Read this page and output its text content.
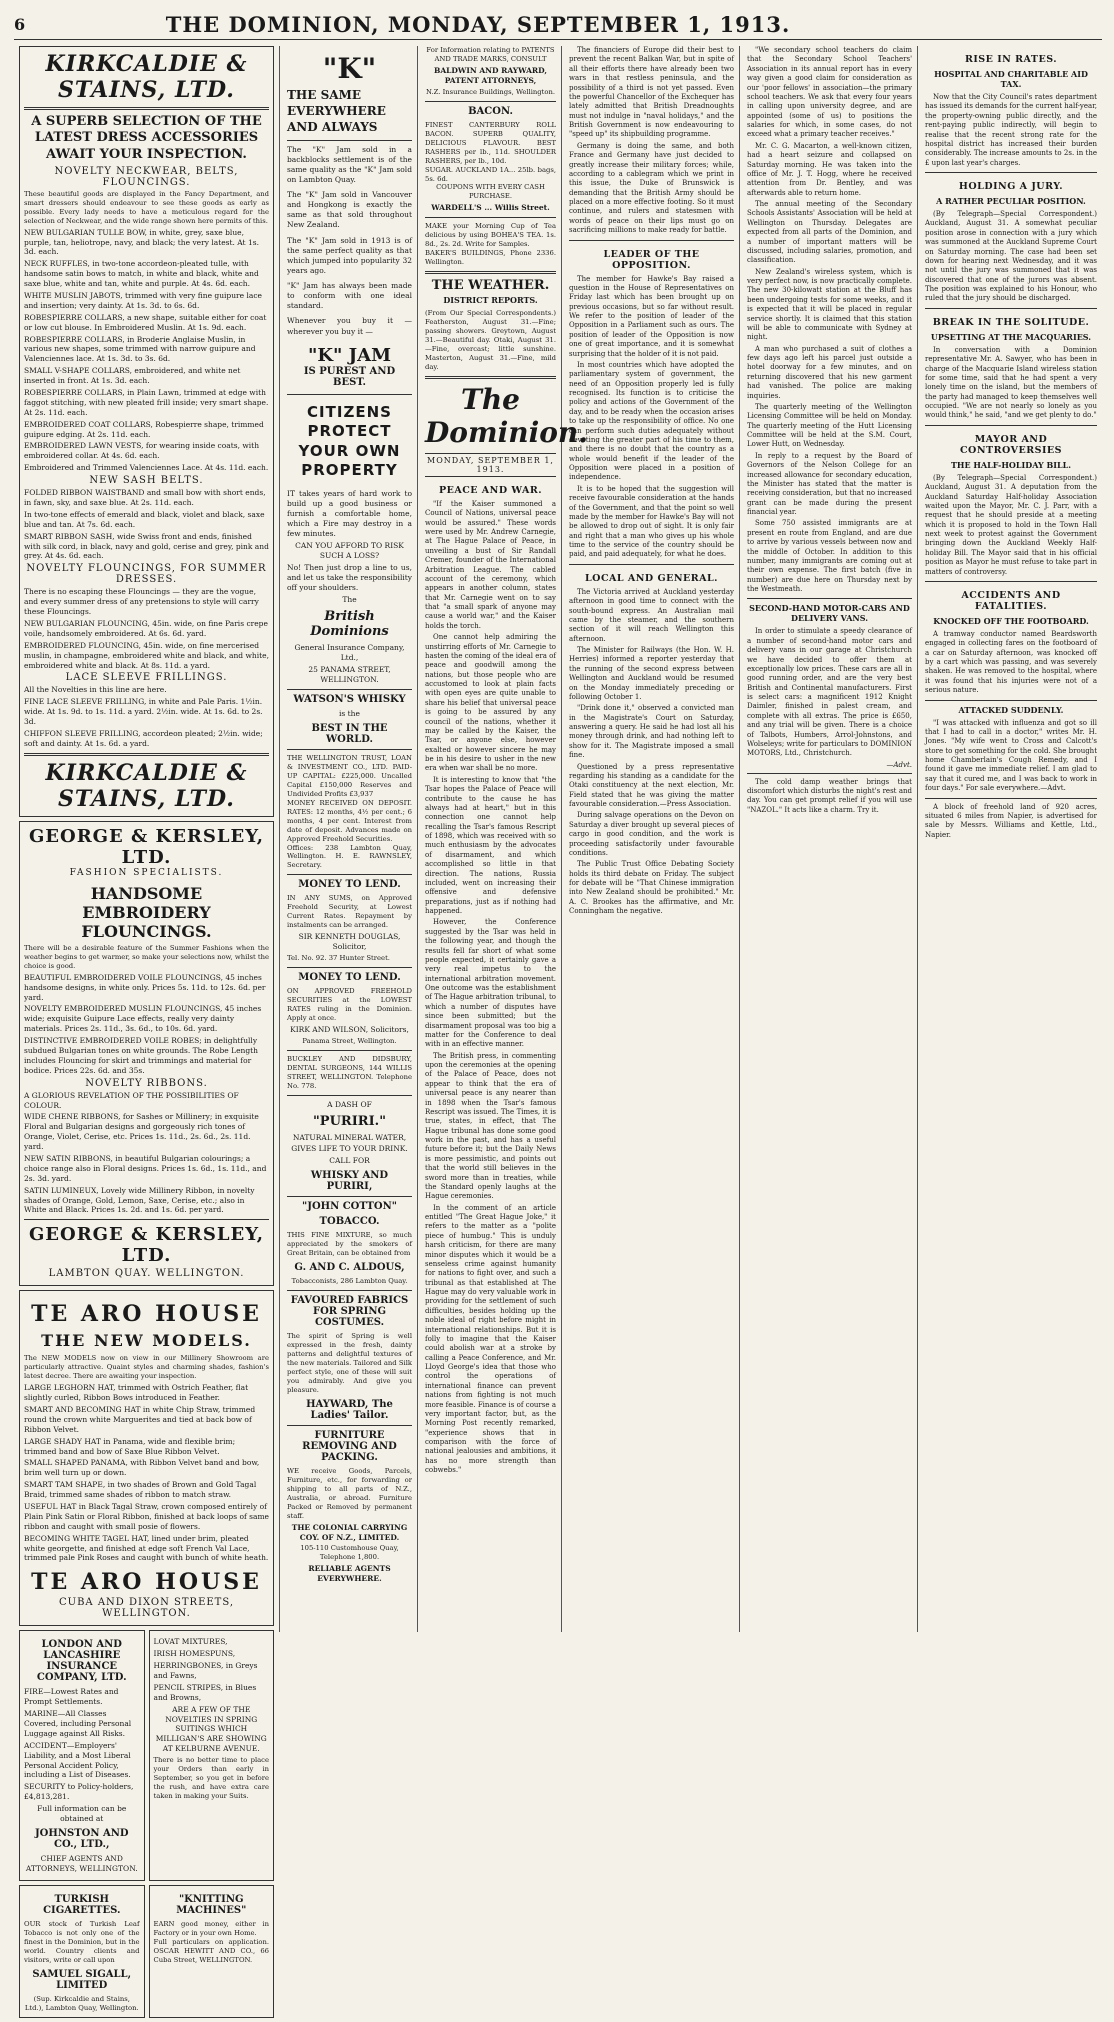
6	THE DOMINION, MONDAY, SEPTEMBER 1, 1913.
KIRKCALDIE & STAINS, LTD.
A SUPERB SELECTION OF THE LATEST DRESS ACCESSORIES AWAIT YOUR INSPECTION.
NOVELTY NECKWEAR, BELTS, FLOUNCINGS.
These beautiful goods are displayed in the Fancy Department, and smart dressers should endeavour to see these goods as early as possible. Every lady needs to have a meticulous regard for the selection of Neckwear, and the wide range shown here permits of this.
NEW BULGARIAN TULLE BOW, in white, grey, saxe blue, purple, tan, heliotrope, navy, and black; the very latest. At 1s. 3d. each.
NECK RUFFLES, in two-tone accordeon-pleated tulle, with handsome satin bows to match, in white and black, white and saxe blue, white and tan, white and purple. At 4s. 6d. each.
WHITE MUSLIN JABOTS, trimmed with very fine guipure lace and insertion; very dainty. At 1s. 3d. to 6s. 6d.
ROBESPIERRE COLLARS, a new shape, suitable either for coat or low cut blouse. In Embroidered Muslin. At 1s. 9d. each.
ROBESPIERRE COLLARS, in Broderie Anglaise Muslin, in various new shapes, some trimmed with narrow guipure and Valenciennes lace. At 1s. 3d. to 3s. 6d.
SMALL V-SHAPE COLLARS, embroidered, and white net inserted in front. At 1s. 3d. each.
ROBESPIERRE COLLARS, in Plain Lawn, trimmed at edge with faggot stitching, with new pleated frill inside; very smart shape. At 2s. 11d. each.
EMBROIDERED COAT COLLARS, Robespierre shape, trimmed guipure edging. At 2s. 11d. each.
EMBROIDERED LAWN VESTS, for wearing inside coats, with embroidered collar. At 4s. 6d. each.
Embroidered and Trimmed Valenciennes Lace. At 4s. 11d. each.
NEW SASH BELTS.
FOLDED RIBBON WAISTBAND and small bow with short ends, in fawn, sky, and saxe blue. At 2s. 11d. each.
In two-tone effects of emerald and black, violet and black, saxe blue and tan. At 7s. 6d. each.
SMART RIBBON SASH, wide Swiss front and ends, finished with silk cord, in black, navy and gold, cerise and grey, pink and grey. At 4s. 6d. each.
NOVELTY FLOUNCINGS, FOR SUMMER DRESSES.
There is no escaping these Flouncings — they are the vogue, and every summer dress of any pretensions to style will carry these Flouncings.
NEW BULGARIAN FLOUNCING, 45in. wide, on fine Paris crepe voile, handsomely embroidered. At 6s. 6d. yard.
EMBROIDERED FLOUNCING, 45in. wide, on fine mercerised muslin, in champagne, embroidered white and black, and white, embroidered white and black. At 8s. 11d. a yard.
LACE SLEEVE FRILLINGS.
All the Novelties in this line are here.
FINE LACE SLEEVE FRILLING, in white and Pale Paris. 1½in. wide. At 1s. 9d. to 1s. 11d. a yard. 2½in. wide. At 1s. 6d. to 2s. 3d.
CHIFFON SLEEVE FRILLING, accordeon pleated; 2½in. wide; soft and dainty. At 1s. 6d. a yard.
KIRKCALDIE & STAINS, LTD.
GEORGE & KERSLEY, LTD.
FASHION SPECIALISTS.
HANDSOME EMBROIDERY FLOUNCINGS.
There will be a desirable feature of the Summer Fashions when the weather begins to get warmer, so make your selections now, whilst the choice is good.
BEAUTIFUL EMBROIDERED VOILE FLOUNCINGS, 45 inches handsome designs, in white only. Prices 5s. 11d. to 12s. 6d. per yard.
NOVELTY EMBROIDERED MUSLIN FLOUNCINGS, 45 inches wide; exquisite Guipure Lace effects, really very dainty materials. Prices 2s. 11d., 3s. 6d., to 10s. 6d. yard.
DISTINCTIVE EMBROIDERED VOILE ROBES; in delightfully subdued Bulgarian tones on white grounds. The Robe Length includes Flouncing for skirt and trimmings and material for bodice. Prices 22s. 6d. and 35s.
NOVELTY RIBBONS.
A GLORIOUS REVELATION OF THE POSSIBILITIES OF COLOUR.
WIDE CHENE RIBBONS, for Sashes or Millinery; in exquisite Floral and Bulgarian designs and gorgeously rich tones of Orange, Violet, Cerise, etc. Prices 1s. 11d., 2s. 6d., 2s. 11d. yard.
NEW SATIN RIBBONS, in beautiful Bulgarian colourings; a choice range also in Floral designs. Prices 1s. 6d., 1s. 11d., and 2s. 3d. yard.
SATIN LUMINEUX, Lovely wide Millinery Ribbon, in novelty shades of Orange, Gold, Lemon, Saxe, Cerise, etc.; also in White and Black. Prices 1s. 2d. and 1s. 6d. per yard.
GEORGE & KERSLEY, LTD.
LAMBTON QUAY. WELLINGTON.
TE ARO HOUSE
THE NEW MODELS.
The NEW MODELS now on view in our Millinery Showroom are particularly attractive. Quaint styles and charming shades, fashion's latest decree. There are awaiting your inspection.
LARGE LEGHORN HAT, trimmed with Ostrich Feather, flat slightly curled, Ribbon Bows introduced in Feather.
SMART AND BECOMING HAT in white Chip Straw, trimmed round the crown white Marguerites and tied at back bow of Ribbon Velvet.
LARGE SHADY HAT in Panama, wide and flexible brim; trimmed band and bow of Saxe Blue Ribbon Velvet.
SMALL SHAPED PANAMA, with Ribbon Velvet band and bow, brim well turn up or down.
SMART TAM SHAPE, in two shades of Brown and Gold Tagal Braid, trimmed same shades of ribbon to match straw.
USEFUL HAT in Black Tagal Straw, crown composed entirely of Plain Pink Satin or Floral Ribbon, finished at back loops of same ribbon and caught with small posie of flowers.
BECOMING WHITE TAGEL HAT, lined under brim, pleated white georgette, and finished at edge soft French Val Lace, trimmed pale Pink Roses and caught with bunch of white heath.
TE ARO HOUSE
CUBA AND DIXON STREETS, WELLINGTON.
LONDON AND LANCASHIRE INSURANCE COMPANY, LTD.
FIRE—Lowest Rates and Prompt Settlements.
MARINE—All Classes Covered, including Personal Luggage against All Risks.
ACCIDENT—Employers' Liability, and a Most Liberal Personal Accident Policy, including a List of Diseases.
SECURITY to Policy-holders, £4,813,281.
Full information can be obtained at
JOHNSTON AND CO., LTD.,
CHIEF AGENTS AND ATTORNEYS, WELLINGTON.
LOVAT MIXTURES,
IRISH HOMESPUNS,
HERRINGBONES, in Greys and Fawns,
PENCIL STRIPES, in Blues and Browns,
ARE A FEW OF THE NOVELTIES IN SPRING SUITINGS WHICH MILLIGAN'S ARE SHOWING AT KELBURNE AVENUE.
There is no better time to place your Orders than early in September, so you get in before the rush, and have extra care taken in making your Suits.
TURKISH CIGARETTES.
OUR stock of Turkish Leaf Tobacco is not only one of the finest in the Dominion, but in the world. Country clients and visitors, write or call upon
SAMUEL SIGALL, LIMITED
(Sup. Kirkcaldie and Stains, Ltd.), Lambton Quay, Wellington.
"KNITTING MACHINES"
EARN good money, either in Factory or in your own Home.
Full particulars on application. OSCAR HEWITT AND CO., 66 Cuba Street, WELLINGTON.
"K"
THE SAME
EVERYWHERE
AND ALWAYS
The "K" Jam sold in a backblocks settlement is of the same quality as the "K" Jam sold on Lambton Quay.
The "K" Jam sold in Vancouver and Hongkong is exactly the same as that sold throughout New Zealand.
The "K" Jam sold in 1913 is of the same perfect quality as that which jumped into popularity 32 years ago.
"K" Jam has always been made to conform with one ideal standard.
Whenever you buy it — wherever you buy it —
"K" JAM
IS PUREST AND BEST.
CITIZENS PROTECT YOUR OWN PROPERTY
IT takes years of hard work to build up a good business or furnish a comfortable home, which a Fire may destroy in a few minutes.
CAN YOU AFFORD TO RISK SUCH A LOSS?
No! Then just drop a line to us, and let us take the responsibility off your shoulders.
The
British Dominions
General Insurance Company, Ltd.,
25 PANAMA STREET, WELLINGTON.
WATSON'S WHISKY
is the
BEST IN THE WORLD.
THE WELLINGTON TRUST, LOAN & INVESTMENT CO., LTD. PAID-UP CAPITAL: £225,000. Uncalled Capital £150,000 Reserves and Undivided Profits £3,937
MONEY RECEIVED ON DEPOSIT. RATES: 12 months, 4½ per cent.; 6 months, 4 per cent. Interest from date of deposit. Advances made on Approved Freehold Securities.
Offices: 238 Lambton Quay, Wellington. H. E. RAWNSLEY, Secretary.
MONEY TO LEND.
IN ANY SUMS, on Approved Freehold Security, at Lowest Current Rates. Repayment by instalments can be arranged.
SIR KENNETH DOUGLAS, Solicitor,
Tel. No. 92. 37 Hunter Street.
MONEY TO LEND.
ON APPROVED FREEHOLD SECURITIES at the LOWEST RATES ruling in the Dominion. Apply at once.
KIRK AND WILSON, Solicitors,
Panama Street, Wellington.
BUCKLEY AND DIDSBURY, DENTAL SURGEONS, 144 WILLIS STREET, WELLINGTON. Telephone No. 778.
A DASH OF
"PURIRI."
NATURAL MINERAL WATER,
GIVES LIFE TO YOUR DRINK.
CALL FOR
WHISKY AND PURIRI,
"JOHN COTTON"
TOBACCO.
THIS FINE MIXTURE, so much appreciated by the smokers of Great Britain, can be obtained from
G. AND C. ALDOUS,
Tobacconists, 286 Lambton Quay.
FAVOURED FABRICS FOR SPRING COSTUMES.
The spirit of Spring is well expressed in the fresh, dainty patterns and delightful textures of the new materials. Tailored and Silk perfect style, one of these will suit you admirably. And give you pleasure.
HAYWARD, The Ladies' Tailor.
FURNITURE REMOVING AND PACKING.
WE receive Goods, Parcels, Furniture, etc., for forwarding or shipping to all parts of N.Z., Australia, or abroad. Furniture Packed or Removed by permanent staff.
THE COLONIAL CARRYING COY. OF N.Z., LIMITED.
105-110 Customhouse Quay, Telephone 1,800.
RELIABLE AGENTS EVERYWHERE.
For Information relating to PATENTS AND TRADE MARKS, CONSULT
BALDWIN AND RAYWARD, PATENT ATTORNEYS,
N.Z. Insurance Buildings, Wellington.
BACON.
FINEST CANTERBURY ROLL BACON. SUPERB QUALITY, DELICIOUS FLAVOUR. BEST RASHERS per lb., 11d. SHOULDER RASHERS, per lb., 10d.
SUGAR. AUCKLAND 1A... 25lb. bags, 5s. 6d.
COUPONS WITH EVERY CASH PURCHASE.
WARDELL'S ... Willis Street.
MAKE your Morning Cup of Tea delicious by using BOHEA'S TEA. 1s. 8d., 2s. 2d. Write for Samples.
BAKER'S BUILDINGS, Phone 2336. Wellington.
THE WEATHER.
DISTRICT REPORTS.
(From Our Special Correspondents.) Featherston, August 31.—Fine; passing showers. Greytown, August 31.—Beautiful day. Otaki, August 31.—Fine, overcast; little sunshine. Masterton, August 31.—Fine, mild day.
The Dominion.
MONDAY, SEPTEMBER 1, 1913.
PEACE AND WAR.
"If the Kaiser summoned a Council of Nations, universal peace would be assured." These words were used by Mr. Andrew Carnegie, at The Hague Palace of Peace, in unveiling a bust of Sir Randall Cremer, founder of the International Arbitration League. The cabled account of the ceremony, which appears in another column, states that Mr. Carnegie went on to say that "a small spark of anyone may cause a world war," and the Kaiser holds the torch.
One cannot help admiring the unstirring efforts of Mr. Carnegie to hasten the coming of the ideal era of peace and goodwill among the nations, but those people who are accustomed to look at plain facts with open eyes are quite unable to share his belief that universal peace is going to be assured by any council of the nations, whether it may be called by the Kaiser, the Tsar, or anyone else, however exalted or however sincere he may be in his desire to usher in the new era when war shall be no more.
It is interesting to know that "the Tsar hopes the Palace of Peace will contribute to the cause he has always had at heart," but in this connection one cannot help recalling the Tsar's famous Rescript of 1898, which was received with so much enthusiasm by the advocates of disarmament, and which accomplished so little in that direction. The nations, Russia included, went on increasing their offensive and defensive preparations, just as if nothing had happened.
However, the Conference suggested by the Tsar was held in the following year, and though the results fell far short of what some people expected, it certainly gave a very real impetus to the international arbitration movement. One outcome was the establishment of The Hague arbitration tribunal, to which a number of disputes have since been submitted; but the disarmament proposal was too big a matter for the Conference to deal with in an effective manner.
The British press, in commenting upon the ceremonies at the opening of the Palace of Peace, does not appear to think that the era of universal peace is any nearer than in 1898 when the Tsar's famous Rescript was issued. The Times, it is true, states, in effect, that The Hague tribunal has done some good work in the past, and has a useful future before it; but the Daily News is more pessimistic, and points out that the world still believes in the sword more than in treaties, while the Standard openly laughs at the Hague ceremonies.
In the comment of an article entitled "The Great Hague Joke," it refers to the matter as a "polite piece of humbug." This is unduly harsh criticism, for there are many minor disputes which it would be a senseless crime against humanity for nations to fight over, and such a tribunal as that established at The Hague may do very valuable work in providing for the settlement of such difficulties, besides holding up the noble ideal of right before might in international relationships. But it is folly to imagine that the Kaiser could abolish war at a stroke by calling a Peace Conference, and Mr. Lloyd George's idea that those who control the operations of international finance can prevent nations from fighting is not much more feasible. Finance is of course a very important factor, but, as the Morning Post recently remarked, "experience shows that in comparison with the force of national jealousies and ambitions, it has no more strength than cobwebs."
The financiers of Europe did their best to prevent the recent Balkan War, but in spite of all their efforts there have already been two wars in that restless peninsula, and the possibility of a third is not yet passed. Even the powerful Chancellor of the Exchequer has lately admitted that British Dreadnoughts must not indulge in "naval holidays," and the British Government is now endeavouring to "speed up" its shipbuilding programme.
Germany is doing the same, and both France and Germany have just decided to greatly increase their military forces; while, according to a cablegram which we print in this issue, the Duke of Brunswick is demanding that the British Army should be placed on a more effective footing. So it must continue, and rulers and statesmen with words of peace on their lips must go on sacrificing millions to make ready for battle.
LEADER OF THE OPPOSITION.
The member for Hawke's Bay raised a question in the House of Representatives on Friday last which has been brought up on previous occasions, but so far without result. We refer to the position of leader of the Opposition in a Parliament such as ours. The position of leader of the Opposition is now one of great importance, and it is somewhat surprising that the holder of it is not paid.
In most countries which have adopted the parliamentary system of government, the need of an Opposition properly led is fully recognised. Its function is to criticise the policy and actions of the Government of the day, and to be ready when the occasion arises to take up the responsibility of office. No one can perform such duties adequately without devoting the greater part of his time to them, and there is no doubt that the country as a whole would benefit if the leader of the Opposition were placed in a position of independence.
It is to be hoped that the suggestion will receive favourable consideration at the hands of the Government, and that the point so well made by the member for Hawke's Bay will not be allowed to drop out of sight. It is only fair and right that a man who gives up his whole time to the service of the country should be paid, and paid adequately, for what he does.
LOCAL AND GENERAL.
The Victoria arrived at Auckland yesterday afternoon in good time to connect with the south-bound express. An Australian mail came by the steamer, and the southern section of it will reach Wellington this afternoon.
The Minister for Railways (the Hon. W. H. Herries) informed a reporter yesterday that the running of the second express between Wellington and Auckland would be resumed on the Monday immediately preceding or following October 1.
"Drink done it," observed a convicted man in the Magistrate's Court on Saturday, answering a query. He said he had lost all his money through drink, and had nothing left to show for it. The Magistrate imposed a small fine.
Questioned by a press representative regarding his standing as a candidate for the Otaki constituency at the next election, Mr. Field stated that he was giving the matter favourable consideration.—Press Association.
During salvage operations on the Devon on Saturday a diver brought up several pieces of cargo in good condition, and the work is proceeding satisfactorily under favourable conditions.
The Public Trust Office Debating Society holds its third debate on Friday. The subject for debate will be "That Chinese immigration into New Zealand should be prohibited." Mr. A. C. Brookes has the affirmative, and Mr. Conningham the negative.
"We secondary school teachers do claim that the Secondary School Teachers' Association in its annual report has in every way given a good claim for consideration as our 'poor fellows' in association—the primary school teachers. We ask that every four years in calling upon university degree, and are appointed (some of us) to positions the salaries for which, in some cases, do not exceed what a primary teacher receives."
Mr. C. G. Macarton, a well-known citizen, had a heart seizure and collapsed on Saturday morning. He was taken into the office of Mr. J. T. Hogg, where he received attention from Dr. Bentley, and was afterwards able to return home.
The annual meeting of the Secondary Schools Assistants' Association will be held at Wellington on Thursday. Delegates are expected from all parts of the Dominion, and a number of important matters will be discussed, including salaries, promotion, and classification.
New Zealand's wireless system, which is very perfect now, is now practically complete. The new 30-kilowatt station at the Bluff has been undergoing tests for some weeks, and it is expected that it will be placed in regular service shortly. It is claimed that this station will be able to communicate with Sydney at night.
A man who purchased a suit of clothes a few days ago left his parcel just outside a hotel doorway for a few minutes, and on returning discovered that his new garment had vanished. The police are making inquiries.
The quarterly meeting of the Wellington Licensing Committee will be held on Monday. The quarterly meeting of the Hutt Licensing Committee will be held at the S.M. Court, Lower Hutt, on Wednesday.
In reply to a request by the Board of Governors of the Nelson College for an increased allowance for secondary education, the Minister has stated that the matter is receiving consideration, but that no increased grant can be made during the present financial year.
Some 750 assisted immigrants are at present en route from England, and are due to arrive by various vessels between now and the middle of October. In addition to this number, many immigrants are coming out at their own expense. The first batch (five in number) are due here on Thursday next by the Westmeath.
SECOND-HAND MOTOR-CARS AND DELIVERY VANS.
In order to stimulate a speedy clearance of a number of second-hand motor cars and delivery vans in our garage at Christchurch we have decided to offer them at exceptionally low prices. These cars are all in good running order, and are the very best British and Continental manufacturers. First is select cars: a magnificent 1912 Knight Daimler, finished in palest cream, and complete with all extras. The price is £650, and any trial will be given. There is a choice of Talbots, Humbers, Arrol-Johnstons, and Wolseleys; write for particulars to DOMINION MOTORS, Ltd., Christchurch.
—Advt.
The cold damp weather brings that discomfort which disturbs the night's rest and day. You can get prompt relief if you will use "NAZOL." It acts like a charm. Try it.
RISE IN RATES.
HOSPITAL AND CHARITABLE AID TAX.
Now that the City Council's rates department has issued its demands for the current half-year, the property-owning public directly, and the rent-paying public indirectly, will begin to realise that the recent strong rate for the hospital district has increased their burden considerably. The increase amounts to 2s. in the £ upon last year's charges.
HOLDING A JURY.
A RATHER PECULIAR POSITION.
(By Telegraph—Special Correspondent.) Auckland, August 31. A somewhat peculiar position arose in connection with a jury which was summoned at the Auckland Supreme Court on Saturday morning. The case had been set down for hearing next Wednesday, and it was not until the jury was summoned that it was discovered that one of the jurors was absent. The position was explained to his Honour, who ruled that the jury should be discharged.
BREAK IN THE SOLITUDE.
UPSETTING AT THE MACQUARIES.
In conversation with a Dominion representative Mr. A. Sawyer, who has been in charge of the Macquarie Island wireless station for some time, said that he had spent a very lonely time on the island, but the members of the party had managed to keep themselves well occupied. "We are not nearly so lonely as you would think," he said, "and we get plenty to do."
MAYOR AND CONTROVERSIES
THE HALF-HOLIDAY BILL.
(By Telegraph—Special Correspondent.) Auckland, August 31. A deputation from the Auckland Saturday Half-holiday Association waited upon the Mayor, Mr. C. J. Parr, with a request that he should preside at a meeting which it is proposed to hold in the Town Hall next week to protest against the Government bringing down the Auckland Weekly Half-holiday Bill. The Mayor said that in his official position as Mayor he must refuse to take part in matters of controversy.
ACCIDENTS AND FATALITIES.
KNOCKED OFF THE FOOTBOARD.
A tramway conductor named Beardsworth engaged in collecting fares on the footboard of a car on Saturday afternoon, was knocked off by a cart which was passing, and was severely shaken. He was removed to the hospital, where it was found that his injuries were not of a serious nature.
ATTACKED SUDDENLY.
"I was attacked with influenza and got so ill that I had to call in a doctor," writes Mr. H. Jones. "My wife went to Cross and Calcott's store to get something for the cold. She brought home Chamberlain's Cough Remedy, and I found it gave me immediate relief. I am glad to say that it cured me, and I was back to work in four days." For sale everywhere.—Advt.
A block of freehold land of 920 acres, situated 6 miles from Napier, is advertised for sale by Messrs. Williams and Kettle, Ltd., Napier.
